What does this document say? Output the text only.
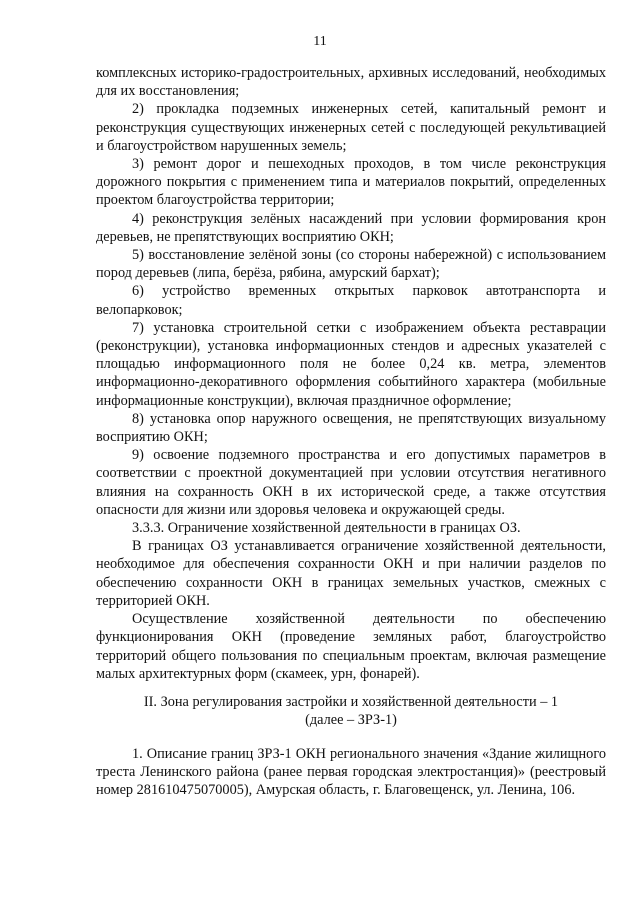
11

комплексных историко-градостроительных, архивных исследований, необходимых для их восстановления;

2) прокладка подземных инженерных сетей, капитальный ремонт и реконструкция существующих инженерных сетей с последующей рекультивацией и благоустройством нарушенных земель;

3) ремонт дорог и пешеходных проходов, в том числе реконструкция дорожного покрытия с применением типа и материалов покрытий, определенных проектом благоустройства территории;

4) реконструкция зелёных насаждений при условии формирования крон деревьев, не препятствующих восприятию ОКН;

5) восстановление зелёной зоны (со стороны набережной) с использованием пород деревьев (липа, берёза, рябина, амурский бархат);

6) устройство временных открытых парковок автотранспорта и велопарковок;

7) установка строительной сетки с изображением объекта реставрации (реконструкции), установка информационных стендов и адресных указателей с площадью информационного поля не более 0,24 кв. метра, элементов информационно-декоративного оформления событийного характера (мобильные информационные конструкции), включая праздничное оформление;

8) установка опор наружного освещения, не препятствующих визуальному восприятию ОКН;

9) освоение подземного пространства и его допустимых параметров в соответствии с проектной документацией при условии отсутствия негативного влияния на сохранность ОКН в их исторической среде, а также отсутствия опасности для жизни или здоровья человека и окружающей среды.

3.3.3. Ограничение хозяйственной деятельности в границах ОЗ.

В границах ОЗ устанавливается ограничение хозяйственной деятельности, необходимое для обеспечения сохранности ОКН и при наличии разделов по обеспечению сохранности ОКН в границах земельных участков, смежных с территорией ОКН.

Осуществление хозяйственной деятельности по обеспечению функционирования ОКН (проведение земляных работ, благоустройство территорий общего пользования по специальным проектам, включая размещение малых архитектурных форм (скамеек, урн, фонарей).

II. Зона регулирования застройки и хозяйственной деятельности – 1
(далее – ЗРЗ-1)

1. Описание границ ЗРЗ-1 ОКН регионального значения «Здание жилищного треста Ленинского района (ранее первая городская электростанция)» (реестровый номер 281610475070005), Амурская область, г. Благовещенск, ул. Ленина, 106.
